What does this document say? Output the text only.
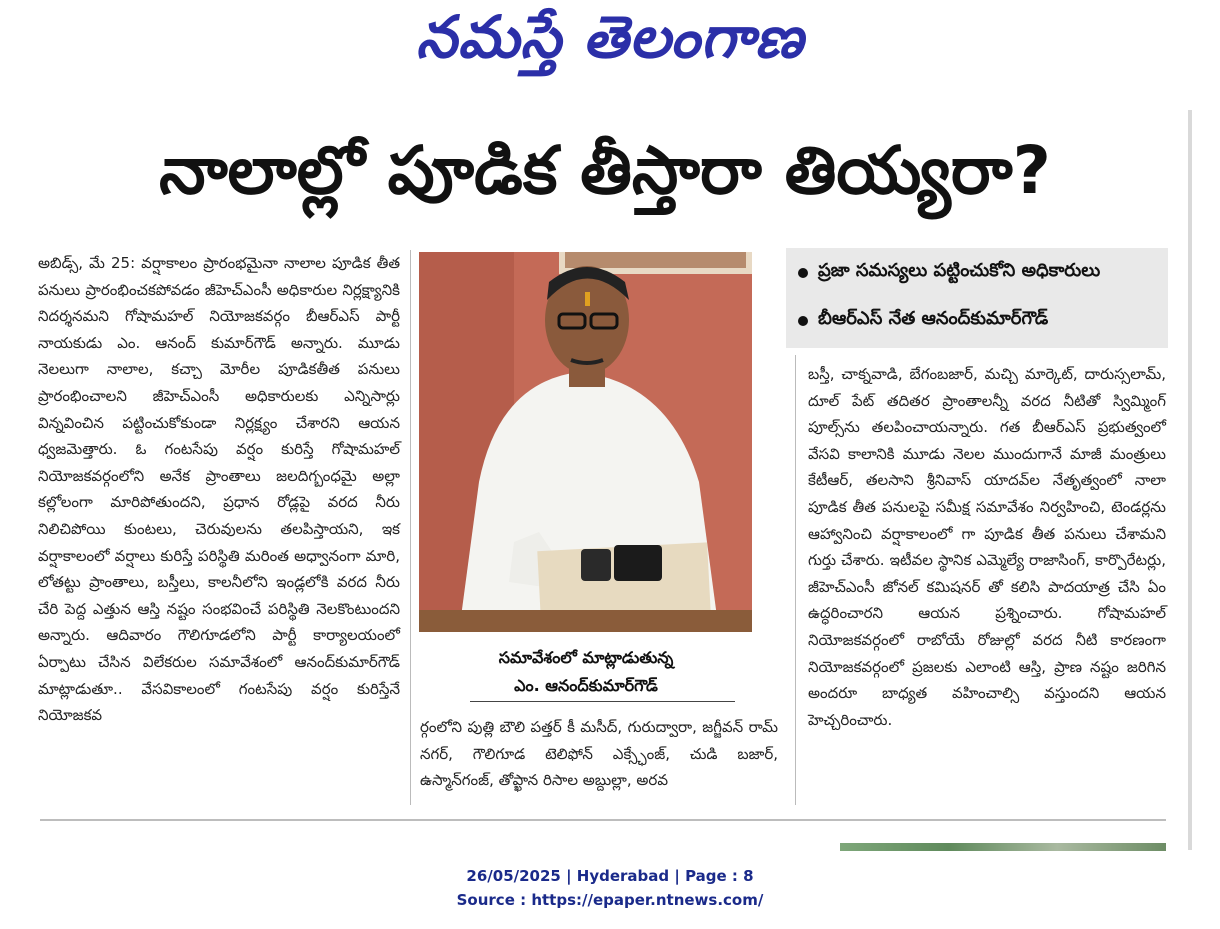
నమస్తే తెలంగాణ
నాలాల్లో పూడిక తీస్తారా తియ్యరా?

అబిడ్స్, మే 25: వర్షాకాలం ప్రారంభమైనా నాలాల పూడిక తీత పనులు ప్రారంభించకపోవడం జీహెచ్ఎంసీ అధికారుల నిర్లక్ష్యానికి నిదర్శనమని గోషామహల్ నియోజకవర్గం బీఆర్ఎస్ పార్టీ నాయకుడు ఎం. ఆనంద్ కుమార్‌గౌడ్ అన్నారు. మూడు నెలలుగా నాలాల, కచ్చా మోరీల పూడికతీత పనులు ప్రారంభించాలని జీహెచ్ఎంసీ అధికారులకు ఎన్నిసార్లు విన్నవించిన పట్టించుకోకుండా నిర్లక్ష్యం చేశారని ఆయన ధ్వజమెత్తారు. ఓ గంటసేపు వర్షం కురిస్తే గోషామహల్ నియోజకవర్గంలోని అనేక ప్రాంతాలు జలదిగ్బంధమై అల్లా కల్లోలంగా మారిపోతుందని, ప్రధాన రోడ్లపై వరద నీరు నిలిచిపోయి కుంటలు, చెరువులను తలపిస్తాయని, ఇక వర్షాకాలంలో వర్షాలు కురిస్తే పరిస్థితి మరింత అధ్వానంగా మారి, లోతట్టు ప్రాంతాలు, బస్తీలు, కాలనీలోని ఇండ్లలోకి వరద నీరు చేరి పెద్ద ఎత్తున ఆస్తి నష్టం సంభవించే పరిస్థితి నెలకొంటుందని అన్నారు. ఆదివారం గౌలిగూడలోని పార్టీ కార్యాలయంలో ఏర్పాటు చేసిన విలేకరుల సమావేశంలో ఆనంద్‌కుమార్‌గౌడ్ మాట్లాడుతూ.. వేసవికాలంలో గంటసేపు వర్షం కురిస్తేనే నియోజకవ

సమావేశంలో మాట్లాడుతున్న
ఎం. ఆనంద్‌కుమార్‌గౌడ్

ర్గంలోని పుత్లి బౌలి పత్తర్ కీ మసీద్, గురుద్వారా, జగ్జీవన్ రామ్ నగర్, గౌలిగూడ టెలిఫోన్ ఎక్స్ఛేంజ్, చుడి బజార్, ఉస్మాన్‌గంజ్, తోప్ఖాన రిసాల అబ్దుల్లా, అరవ

ప్రజా సమస్యలు పట్టించుకోని అధికారులు
బీఆర్ఎస్ నేత ఆనంద్‌కుమార్‌గౌడ్

బస్తీ, చాక్నవాడి, బేగంబజార్, మచ్చి మార్కెట్, దారుస్సలామ్, దూల్ పేట్ తదితర ప్రాంతాలన్నీ వరద నీటితో స్విమ్మింగ్ పూల్స్‌ను తలపించాయన్నారు. గత బీఆర్ఎస్ ప్రభుత్వంలో వేసవి కాలానికి మూడు నెలల ముందుగానే మాజీ మంత్రులు కేటీఆర్, తలసాని శ్రీనివాస్ యాదవ్‌ల నేతృత్వంలో నాలా పూడిక తీత పనులపై సమీక్ష సమావేశం నిర్వహించి, టెండర్లను ఆహ్వానించి వర్షాకాలంలో గా పూడిక తీత పనులు చేశామని గుర్తు చేశారు. ఇటీవల స్థానిక ఎమ్మెల్యే రాజాసింగ్, కార్పొరేటర్లు, జీహెచ్ఎంసీ జోనల్ కమిషనర్ తో కలిసి పాదయాత్ర చేసి ఏం ఉద్ధరించారని ఆయన ప్రశ్నించారు. గోషామహల్ నియోజకవర్గంలో రాబోయే రోజుల్లో వరద నీటి కారణంగా నియోజకవర్గంలో ప్రజలకు ఎలాంటి ఆస్తి, ప్రాణ నష్టం జరిగిన అందరూ బాధ్యత వహించాల్సి వస్తుందని ఆయన హెచ్చరించారు.

26/05/2025 | Hyderabad | Page : 8
Source : https://epaper.ntnews.com/
